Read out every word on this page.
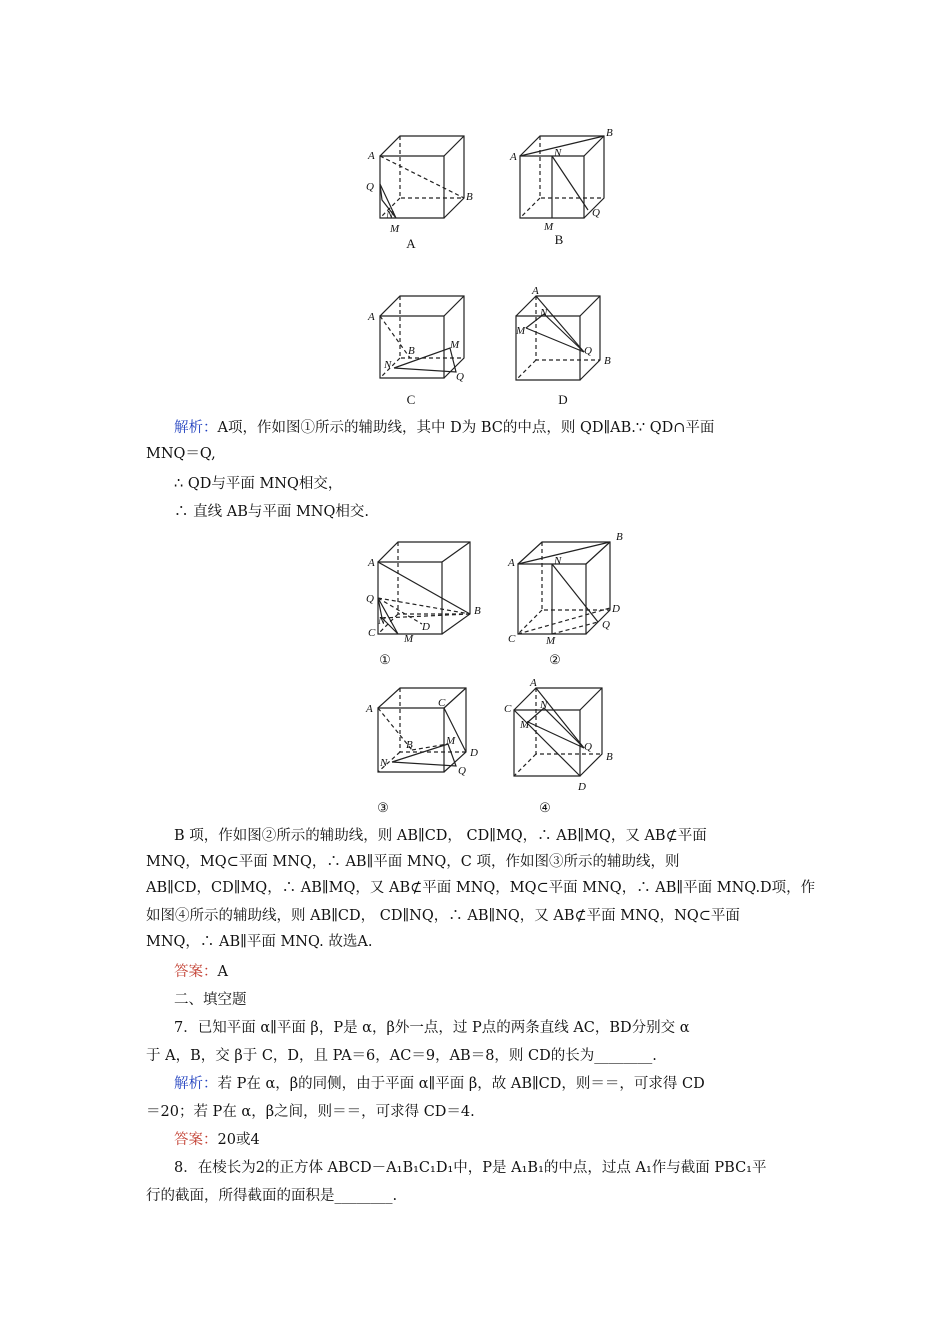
A
Q
N
M
B
A
A
B
N
M
Q
B
A
B	M
N
Q
C
A
N
M
Q
B
D
解析：A项，作如图①所示的辅助线，其中 D为 BC的中点，则 QD∥AB.∵ QD∩平面
MNQ＝Q,
∴ QD与平面 MNQ相交，
∴ 直线 AB与平面 MNQ相交.
A
Q
N	D
B
C	M
①
B
A	N
D
Q
C	M
②
A	C
B	M
D
N
Q
③
A
C	N
M
Q
B
D
④
B 项，作如图②所示的辅助线，则 AB∥CD， CD∥MQ，∴ AB∥MQ，又 AB⊄平面
MNQ，MQ⊂平面 MNQ，∴ AB∥平面 MNQ，C 项，作如图③所示的辅助线，则
AB∥CD，CD∥MQ，∴ AB∥MQ，又 AB⊄平面 MNQ，MQ⊂平面 MNQ，∴ AB∥平面 MNQ.D项，作
如图④所示的辅助线，则 AB∥CD， CD∥NQ，∴ AB∥NQ，又 AB⊄平面 MNQ，NQ⊂平面
MNQ，∴ AB∥平面 MNQ. 故选A.
答案：A
二、填空题
7．已知平面 α∥平面 β，P是 α，β外一点，过 P点的两条直线 AC，BD分别交 α
于 A，B，交 β于 C，D，且 PA＝6，AC＝9，AB＝8，则 CD的长为________.
解析：若 P在 α，β的同侧，由于平面 α∥平面 β，故 AB∥CD，则＝＝，可求得 CD
＝20；若 P在 α，β之间，则＝＝，可求得 CD＝4.
答案：20或4
8．在棱长为2的正方体 ABCD－A₁B₁C₁D₁中，P是 A₁B₁的中点，过点 A₁作与截面 PBC₁平
行的截面，所得截面的面积是________.
